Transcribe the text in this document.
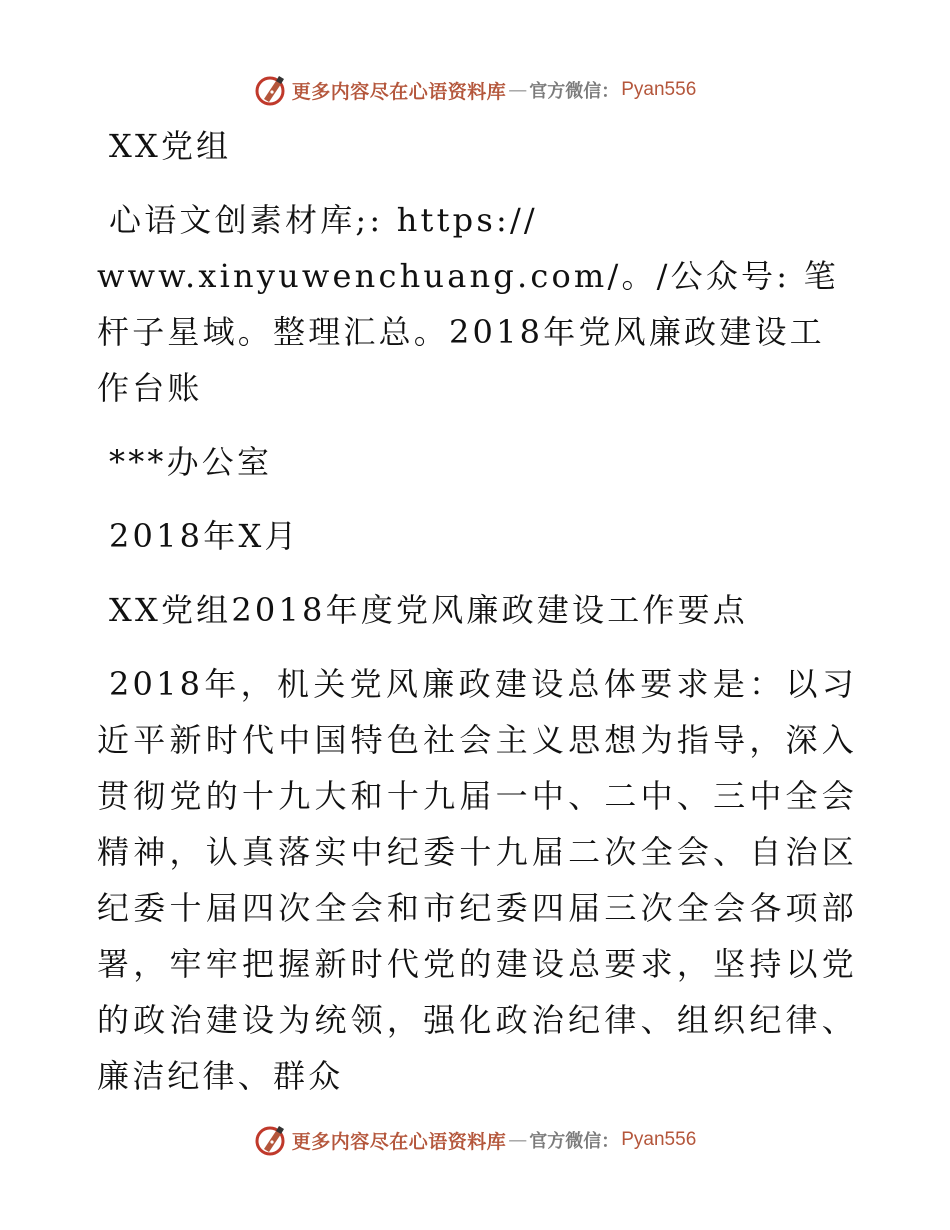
更多内容尽在心语资料库 — 官方微信： Pyan556

XX党组

心语文创素材库;: https://
www.xinyuwenchuang.com/。/公众号: 笔杆子星域。整理汇总。2018年党风廉政建设工作台账

***办公室

2018年X月

XX党组2018年度党风廉政建设工作要点

2018年，机关党风廉政建设总体要求是：以习近平新时代中国特色社会主义思想为指导，深入贯彻党的十九大和十九届一中、二中、三中全会精神，认真落实中纪委十九届二次全会、自治区纪委十届四次全会和市纪委四届三次全会各项部署，牢牢把握新时代党的建设总要求，坚持以党的政治建设为统领，强化政治纪律、组织纪律、廉洁纪律、群众

更多内容尽在心语资料库 — 官方微信： Pyan556
